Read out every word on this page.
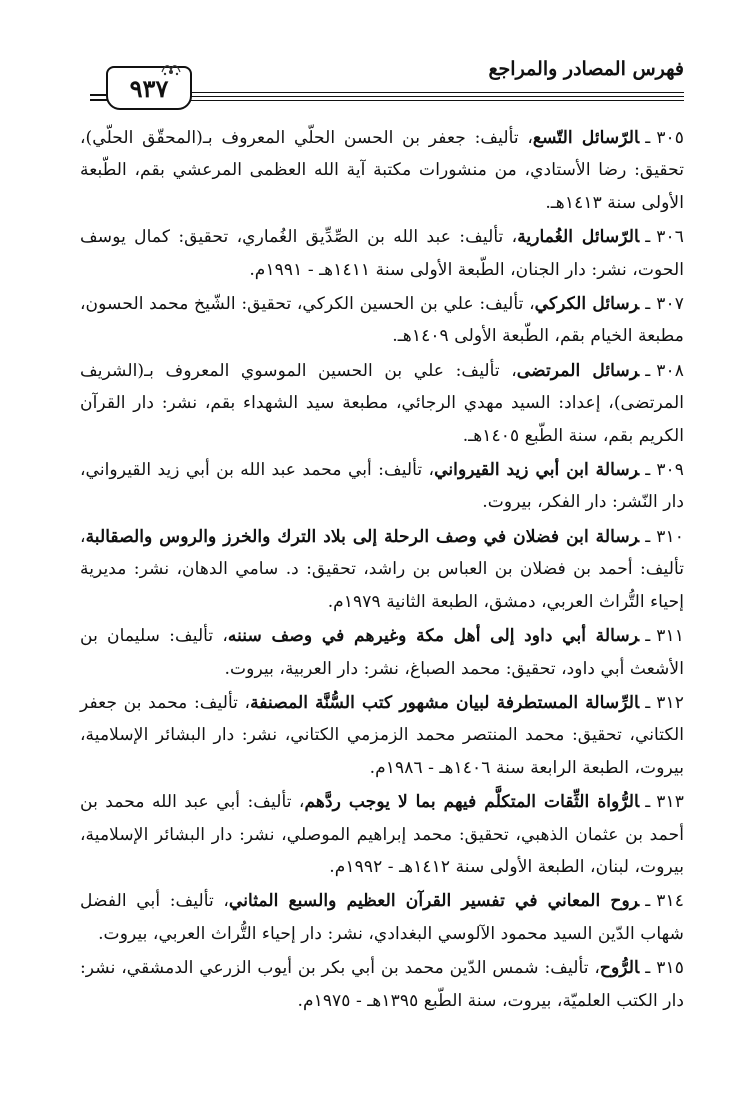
فهرس المصادر والمراجع
٩٣٧

٣٠٥ـالرّسائل التّسع، تأليف: جعفر بن الحسن الحلّي المعروف بـ(المحقّق الحلّي)، تحقيق: رضا الأستادي، من منشورات مكتبة آية الله العظمى المرعشي بقم، الطّبعة الأولى سنة ١٤١٣هـ.

٣٠٦ـالرّسائل الغُمارية، تأليف: عبد الله بن الصِّدِّيق الغُماري، تحقيق: كمال يوسف الحوت، نشر: دار الجنان، الطّبعة الأولى سنة ١٤١١هـ - ١٩٩١م.

٣٠٧ـرسائل الكركي، تأليف: علي بن الحسين الكركي، تحقيق: الشّيخ محمد الحسون، مطبعة الخيام بقم، الطّبعة الأولى ١٤٠٩هـ.

٣٠٨ـرسائل المرتضى، تأليف: علي بن الحسين الموسوي المعروف بـ(الشريف المرتضى)، إعداد: السيد مهدي الرجائي، مطبعة سيد الشهداء بقم، نشر: دار القرآن الكريم بقم، سنة الطّبع ١٤٠٥هـ.

٣٠٩ـرسالة ابن أبي زيد القيرواني، تأليف: أبي محمد عبد الله بن أبي زيد القيرواني، دار النّشر: دار الفكر، بيروت.

٣١٠ـرسالة ابن فضلان في وصف الرحلة إلى بلاد الترك والخرز والروس والصقالبة، تأليف: أحمد بن فضلان بن العباس بن راشد، تحقيق: د. سامي الدهان، نشر: مديرية إحياء التُّراث العربي، دمشق، الطبعة الثانية ١٩٧٩م.

٣١١ـرسالة أبي داود إلى أهل مكة وغيرهم في وصف سننه، تأليف: سليمان بن الأشعث أبي داود، تحقيق: محمد الصباغ، نشر: دار العربية، بيروت.

٣١٢ـالرِّسالة المستطرفة لبيان مشهور كتب السُّنَّة المصنفة، تأليف: محمد بن جعفر الكتاني، تحقيق: محمد المنتصر محمد الزمزمي الكتاني، نشر: دار البشائر الإسلامية، بيروت، الطبعة الرابعة سنة ١٤٠٦هـ - ١٩٨٦م.

٣١٣ـالرُّواة الثِّقات المتكلَّم فيهم بما لا يوجب ردَّهم، تأليف: أبي عبد الله محمد بن أحمد بن عثمان الذهبي، تحقيق: محمد إبراهيم الموصلي، نشر: دار البشائر الإسلامية، بيروت، لبنان، الطبعة الأولى سنة ١٤١٢هـ - ١٩٩٢م.

٣١٤ـروح المعاني في تفسير القرآن العظيم والسبع المثاني، تأليف: أبي الفضل شهاب الدّين السيد محمود الآلوسي البغدادي، نشر: دار إحياء التُّراث العربي، بيروت.

٣١٥ـالرُّوح، تأليف: شمس الدّين محمد بن أبي بكر بن أيوب الزرعي الدمشقي، نشر: دار الكتب العلميّة، بيروت، سنة الطّبع ١٣٩٥هـ - ١٩٧٥م.
